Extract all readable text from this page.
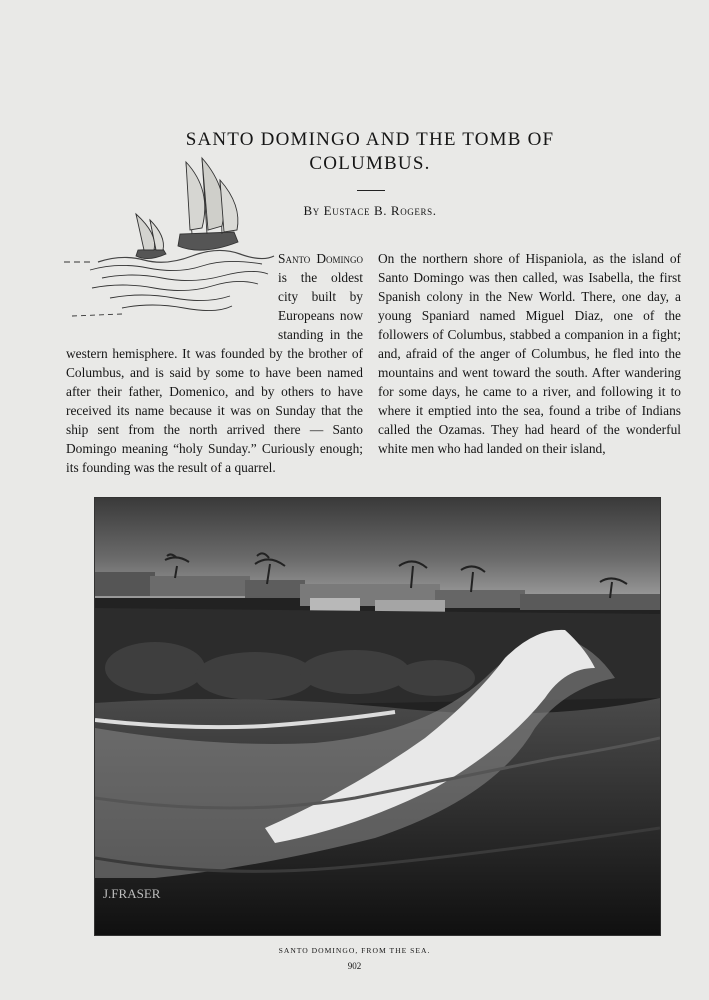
SANTO DOMINGO AND THE TOMB OF COLUMBUS.
By Eustace B. Rogers.

Santo Domingo is the oldest city built by Europeans now standing in the western hemisphere. It was founded by the brother of Columbus, and is said by some to have been named after their father, Domenico, and by others to have received its name because it was on Sunday that the ship sent from the north arrived there — Santo Domingo meaning “holy Sunday.” Curiously enough; its founding was the result of a quarrel.

On the northern shore of Hispaniola, as the island of Santo Domingo was then called, was Isabella, the first Spanish colony in the New World. There, one day, a young Spaniard named Miguel Diaz, one of the followers of Columbus, stabbed a companion in a fight; and, afraid of the anger of Columbus, he fled into the mountains and went toward the south. After wandering for some days, he came to a river, and following it to where it emptied into the sea, found a tribe of Indians called the Ozamas. They had heard of the wonderful white men who had landed on their island,

J.FRASER
SANTO DOMINGO, FROM THE SEA.
902
